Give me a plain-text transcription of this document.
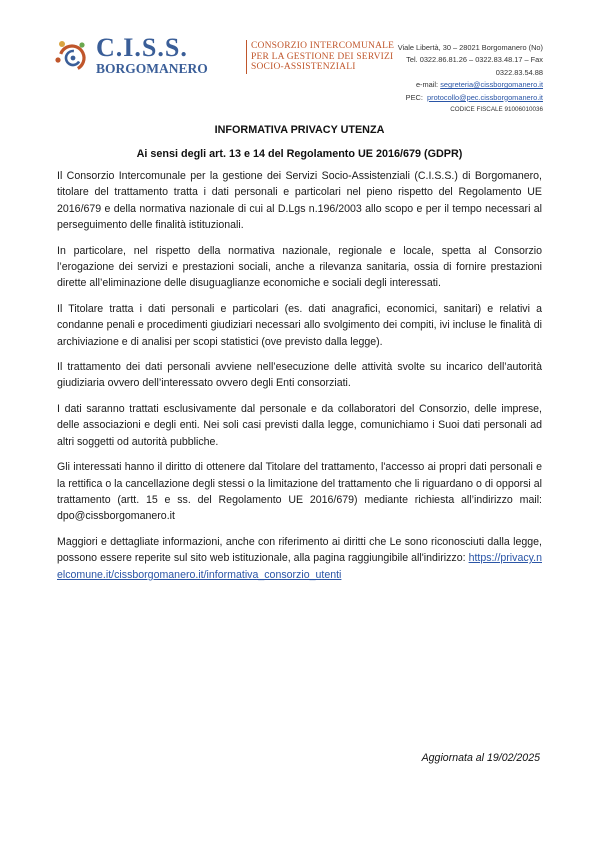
C.I.S.S.
BORGOMANERO
CONSORZIO INTERCOMUNALE
PER LA GESTIONE DEI SERVIZI
SOCIO-ASSISTENZIALI
Viale Libertà, 30 – 28021 Borgomanero (No)
Tel. 0322.86.81.26 – 0322.83.48.17 – Fax
0322.83.54.88
e-mail: segreteria@cissborgomanero.it
PEC: protocollo@pec.cissborgomanero.it
CODICE FISCALE 91006010036
INFORMATIVA PRIVACY UTENZA
Ai sensi degli art. 13 e 14 del Regolamento UE 2016/679 (GDPR)

Il Consorzio Intercomunale per la gestione dei Servizi Socio-Assistenziali (C.I.S.S.) di Borgomanero, titolare del trattamento tratta i dati personali e particolari nel pieno rispetto del Regolamento UE 2016/679 e della normativa nazionale di cui al D.Lgs n.196/2003 allo scopo e per il tempo necessari al perseguimento delle finalità istituzionali.

In particolare, nel rispetto della normativa nazionale, regionale e locale, spetta al Consorzio l’erogazione dei servizi e prestazioni sociali, anche a rilevanza sanitaria, ossia di fornire prestazioni dirette all’eliminazione delle disuguaglianze economiche e sociali degli interessati.

Il Titolare tratta i dati personali e particolari (es. dati anagrafici, economici, sanitari) e relativi a condanne penali e procedimenti giudiziari necessari allo svolgimento dei compiti, ivi incluse le finalità di archiviazione e di analisi per scopi statistici (ove previsto dalla legge).

Il trattamento dei dati personali avviene nell’esecuzione delle attività svolte su incarico dell’autorità giudiziaria ovvero dell’interessato ovvero degli Enti consorziati.

I dati saranno trattati esclusivamente dal personale e da collaboratori del Consorzio, delle imprese, delle associazioni e degli enti. Nei soli casi previsti dalla legge, comunichiamo i Suoi dati personali ad altri soggetti od autorità pubbliche.

Gli interessati hanno il diritto di ottenere dal Titolare del trattamento, l'accesso ai propri dati personali e la rettifica o la cancellazione degli stessi o la limitazione del trattamento che li riguardano o di opporsi al trattamento (artt. 15 e ss. del Regolamento UE 2016/679) mediante richiesta all’indirizzo mail: dpo@cissborgomanero.it

Maggiori e dettagliate informazioni, anche con riferimento ai diritti che Le sono riconosciuti dalla legge, possono essere reperite sul sito web istituzionale, alla pagina raggiungibile all'indirizzo: https://privacy.nelcomune.it/cissborgomanero.it/informativa_consorzio_utenti

Aggiornata al 19/02/2025
